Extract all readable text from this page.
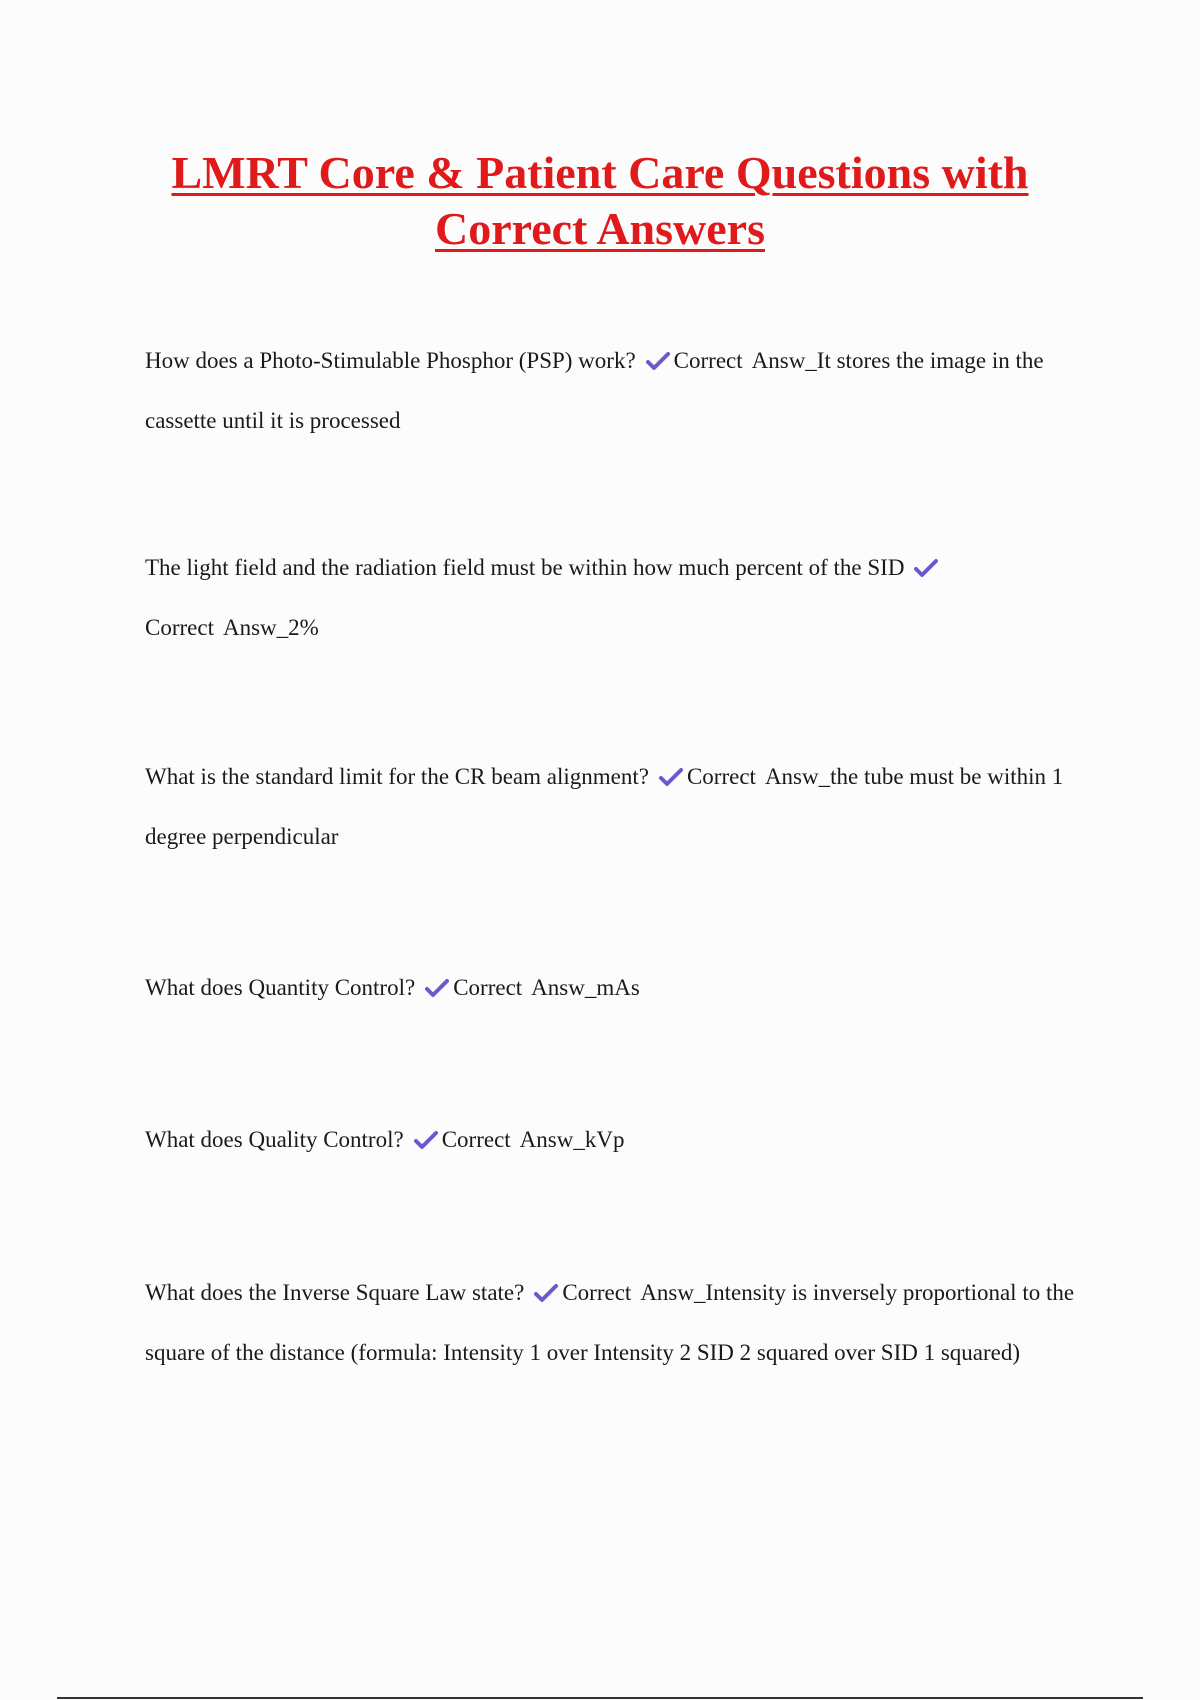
LMRT Core & Patient Care Questions with Correct Answers

How does a Photo-Stimulable Phosphor (PSP) work? Correct Answ_It stores the image in the cassette until it is processed

The light field and the radiation field must be within how much percent of the SIDCorrect Answ_2%

What is the standard limit for the CR beam alignment? Correct Answ_the tube must be within 1 degree perpendicular

What does Quantity Control? Correct Answ_mAs

What does Quality Control? Correct Answ_kVp

What does the Inverse Square Law state? Correct Answ_Intensity is inversely proportional to the square of the distance (formula: Intensity 1 over Intensity 2 SID 2 squared over SID 1 squared)
